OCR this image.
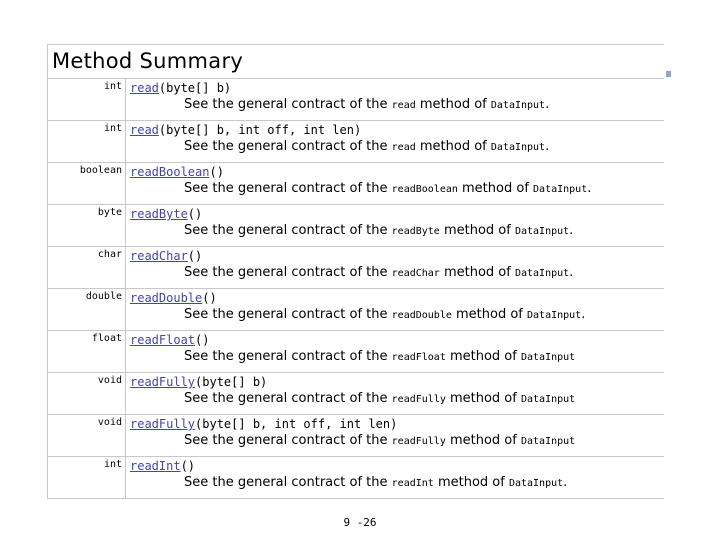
Method Summary	

int	read(byte[] b)
See the general contract of the read method of DataInput.

int	read(byte[] b, int off, int len)
See the general contract of the read method of DataInput.

boolean	readBoolean()
See the general contract of the readBoolean method of DataInput.

byte	readByte()
See the general contract of the readByte method of DataInput.

char	readChar()
See the general contract of the readChar method of DataInput.

double	readDouble()
See the general contract of the readDouble method of DataInput.

float	readFloat()
See the general contract of the readFloat method of DataInput

void	readFully(byte[] b)
See the general contract of the readFully method of DataInput

void	readFully(byte[] b, int off, int len)
See the general contract of the readFully method of DataInput

int	readInt()
See the general contract of the readInt method of DataInput.
9 -26
